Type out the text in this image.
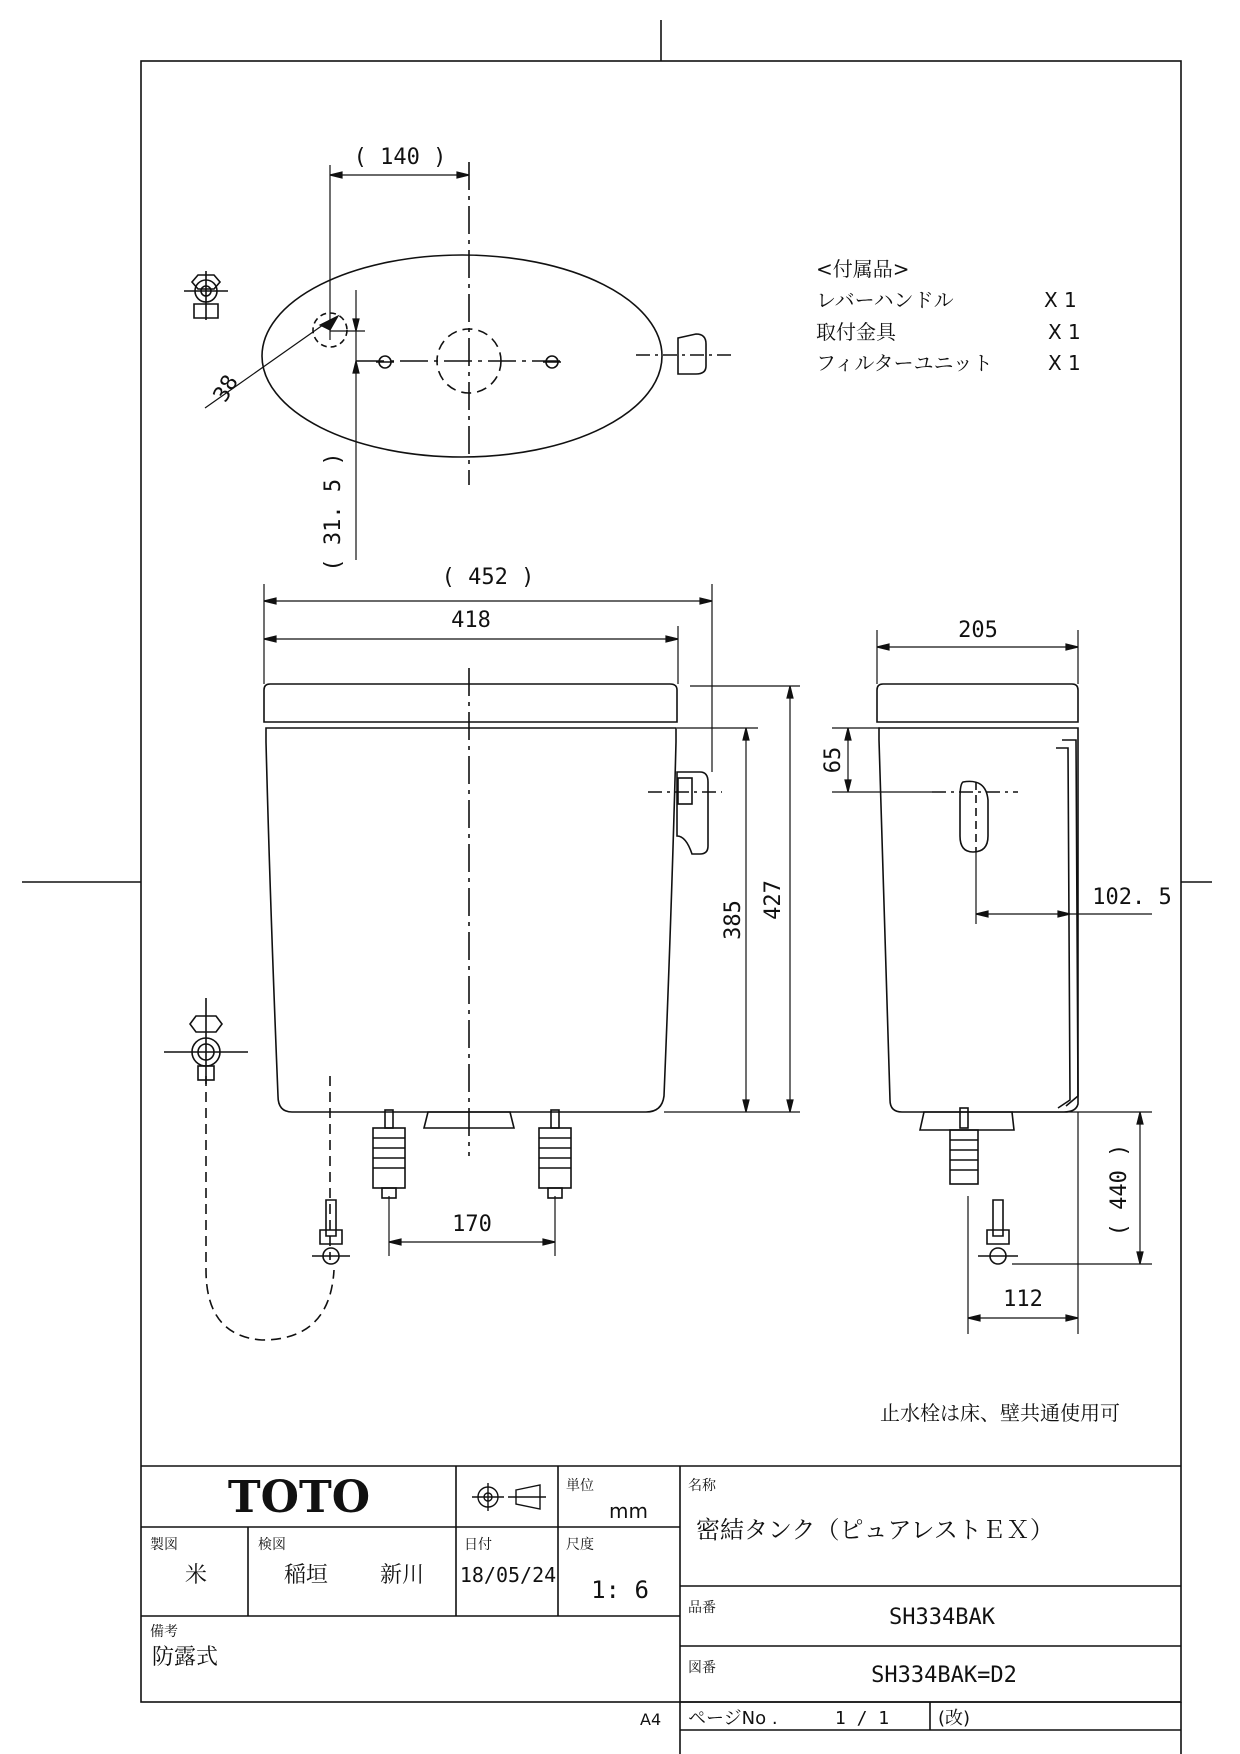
( 140 )
38
( 31. 5 )
( 452 )
418
385
427
170
205
65
102. 5
( 440 )
112
<付属品>
レバーハンドル	X 1
取付金具	X 1
フィルターユニット	X 1
止水栓は床、壁共通使用可
TOTO	単位
mm
名称
密結タンク（ピュアレストＥＸ）
製図
米
検図
稲垣 新川
日付
18/05/24
尺度
1: 6
品番	SH334BAK
備考
防露式	図番	SH334BAK=D2
A4 ページNo .	1 / 1	(改)
